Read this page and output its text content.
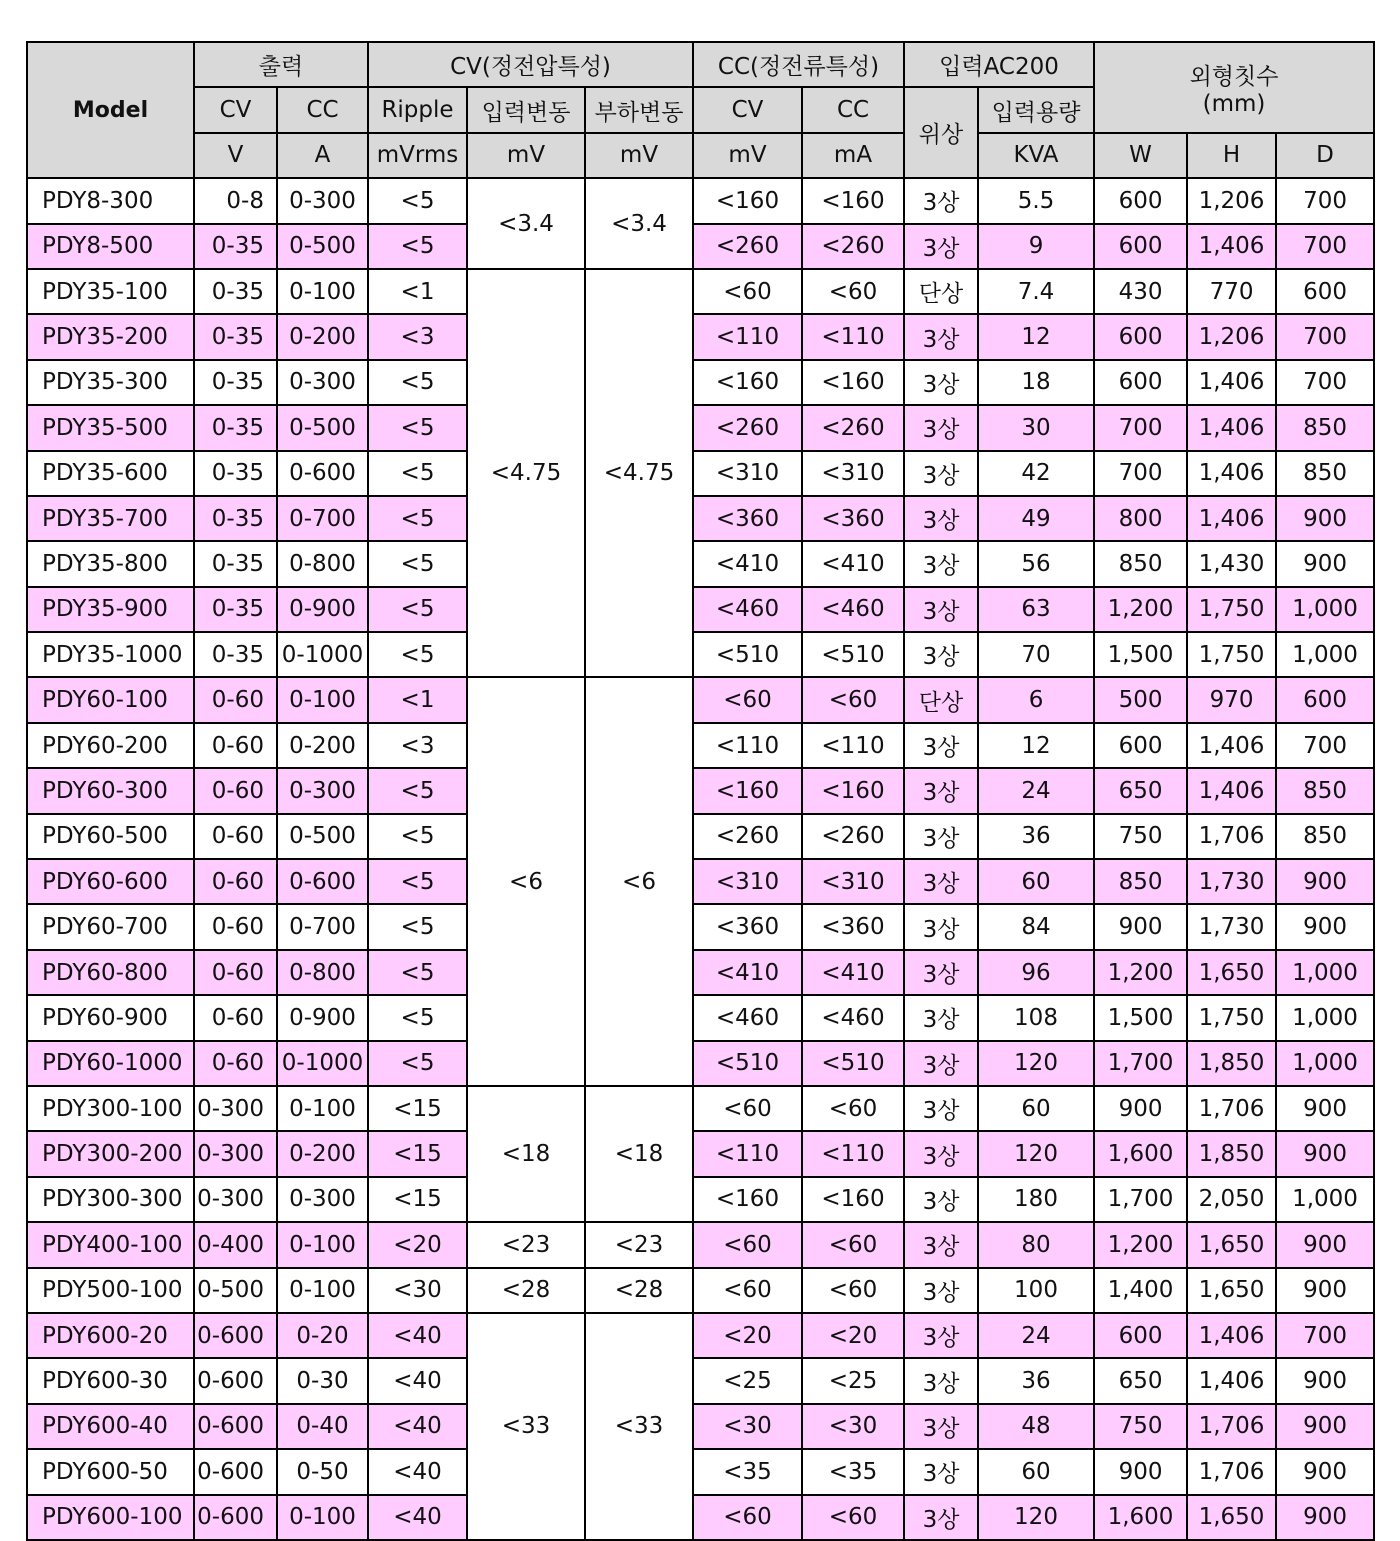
Model	출력		CV(정전압특성)			CC(정전류특성)		입력AC200		외형칫수
(mm)		
	CV	CC	Ripple	입력변동	부하변동	CV	CC	위상	입력용량			
	V	A	mVrms	mV	mV	mV	mA		KVA	W	H	D
PDY8-300	0-8	0-300	<5	<3.4	<3.4	<160	<160	3상	5.5	600	1,206	700
PDY8-500	0-35	0-500	<5			<260	<260	3상	9	600	1,406	700
PDY35-100	0-35	0-100	<1	<4.75	<4.75	<60	<60	단상	7.4	430	770	600
PDY35-200	0-35	0-200	<3			<110	<110	3상	12	600	1,206	700
PDY35-300	0-35	0-300	<5			<160	<160	3상	18	600	1,406	700
PDY35-500	0-35	0-500	<5			<260	<260	3상	30	700	1,406	850
PDY35-600	0-35	0-600	<5			<310	<310	3상	42	700	1,406	850
PDY35-700	0-35	0-700	<5			<360	<360	3상	49	800	1,406	900
PDY35-800	0-35	0-800	<5			<410	<410	3상	56	850	1,430	900
PDY35-900	0-35	0-900	<5			<460	<460	3상	63	1,200	1,750	1,000
PDY35-1000	0-35	0-1000	<5			<510	<510	3상	70	1,500	1,750	1,000
PDY60-100	0-60	0-100	<1	<6	<6	<60	<60	단상	6	500	970	600
PDY60-200	0-60	0-200	<3			<110	<110	3상	12	600	1,406	700
PDY60-300	0-60	0-300	<5			<160	<160	3상	24	650	1,406	850
PDY60-500	0-60	0-500	<5			<260	<260	3상	36	750	1,706	850
PDY60-600	0-60	0-600	<5			<310	<310	3상	60	850	1,730	900
PDY60-700	0-60	0-700	<5			<360	<360	3상	84	900	1,730	900
PDY60-800	0-60	0-800	<5			<410	<410	3상	96	1,200	1,650	1,000
PDY60-900	0-60	0-900	<5			<460	<460	3상	108	1,500	1,750	1,000
PDY60-1000	0-60	0-1000	<5			<510	<510	3상	120	1,700	1,850	1,000
PDY300-100	0-300	0-100	<15	<18	<18	<60	<60	3상	60	900	1,706	900
PDY300-200	0-300	0-200	<15			<110	<110	3상	120	1,600	1,850	900
PDY300-300	0-300	0-300	<15			<160	<160	3상	180	1,700	2,050	1,000
PDY400-100	0-400	0-100	<20	<23	<23	<60	<60	3상	80	1,200	1,650	900
PDY500-100	0-500	0-100	<30	<28	<28	<60	<60	3상	100	1,400	1,650	900
PDY600-20	0-600	0-20	<40	<33	<33	<20	<20	3상	24	600	1,406	700
PDY600-30	0-600	0-30	<40			<25	<25	3상	36	650	1,406	900
PDY600-40	0-600	0-40	<40			<30	<30	3상	48	750	1,706	900
PDY600-50	0-600	0-50	<40			<35	<35	3상	60	900	1,706	900
PDY600-100	0-600	0-100	<40			<60	<60	3상	120	1,600	1,650	900
